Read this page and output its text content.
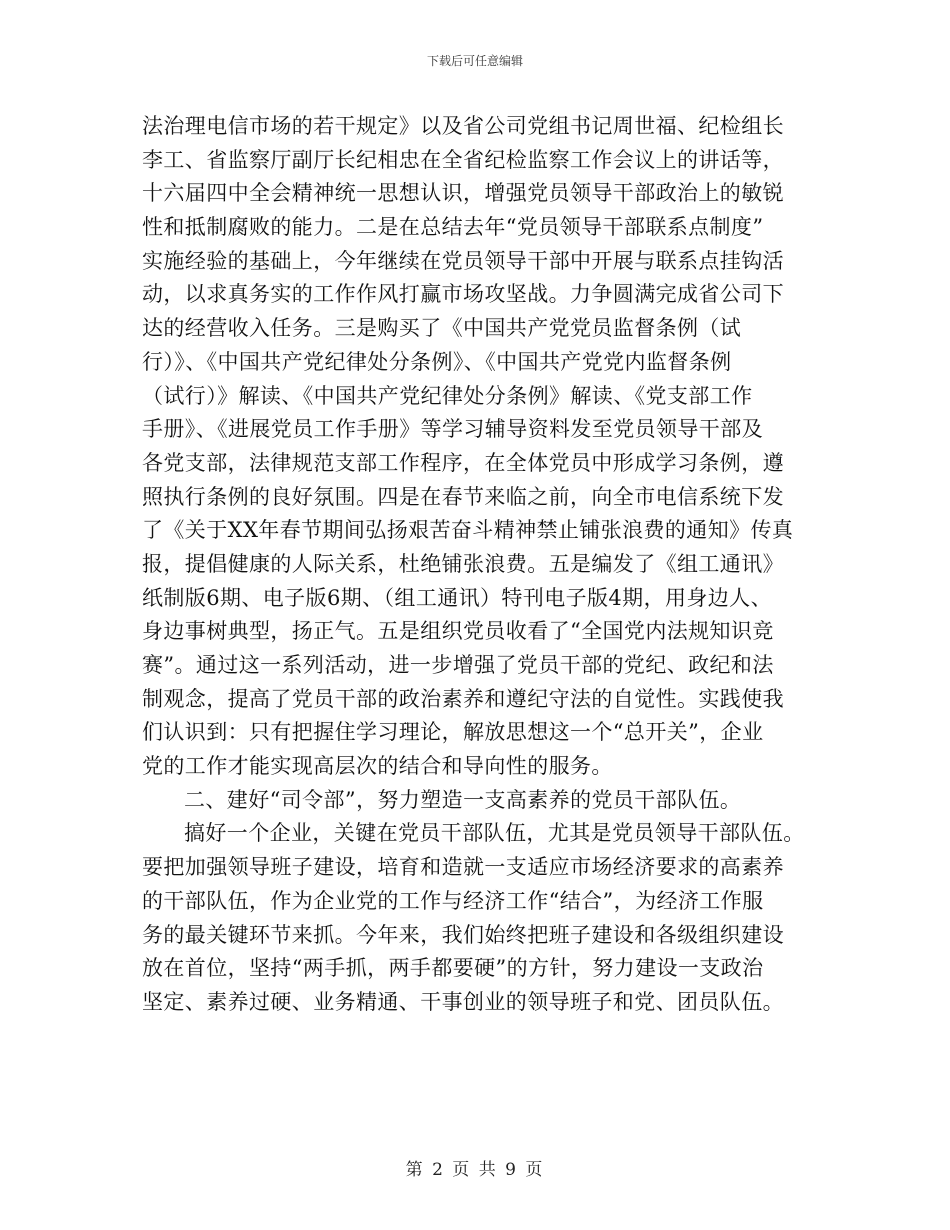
下载后可任意编辑
法治理电信市场的若干规定》以及省公司党组书记周世福、纪检组长
李工、省监察厅副厅长纪相忠在全省纪检监察工作会议上的讲话等，
十六届四中全会精神统一思想认识，增强党员领导干部政治上的敏锐
性和抵制腐败的能力。二是在总结去年“党员领导干部联系点制度”
实施经验的基础上，今年继续在党员领导干部中开展与联系点挂钩活
动，以求真务实的工作作风打赢市场攻坚战。力争圆满完成省公司下
达的经营收入任务。三是购买了《中国共产党党员监督条例（试
行）》、《中国共产党纪律处分条例》、《中国共产党党内监督条例
（试行）》解读、《中国共产党纪律处分条例》解读、《党支部工作
手册》、《进展党员工作手册》等学习辅导资料发至党员领导干部及
各党支部，法律规范支部工作程序，在全体党员中形成学习条例，遵
照执行条例的良好氛围。四是在春节来临之前，向全市电信系统下发
了《关于XX年春节期间弘扬艰苦奋斗精神禁止铺张浪费的通知》传真
报，提倡健康的人际关系，杜绝铺张浪费。五是编发了《组工通讯》
纸制版6期、电子版6期、（组工通讯）特刊电子版4期，用身边人、
身边事树典型，扬正气。五是组织党员收看了“全国党内法规知识竞
赛”。通过这一系列活动，进一步增强了党员干部的党纪、政纪和法
制观念，提高了党员干部的政治素养和遵纪守法的自觉性。实践使我
们认识到：只有把握住学习理论，解放思想这一个“总开关”，企业
党的工作才能实现高层次的结合和导向性的服务。
二、建好“司令部”，努力塑造一支高素养的党员干部队伍。
搞好一个企业，关键在党员干部队伍，尤其是党员领导干部队伍。
要把加强领导班子建设，培育和造就一支适应市场经济要求的高素养
的干部队伍，作为企业党的工作与经济工作“结合”，为经济工作服
务的最关键环节来抓。今年来，我们始终把班子建设和各级组织建设
放在首位，坚持“两手抓，两手都要硬”的方针，努力建设一支政治
坚定、素养过硬、业务精通、干事创业的领导班子和党、团员队伍。
第 2 页 共 9 页
